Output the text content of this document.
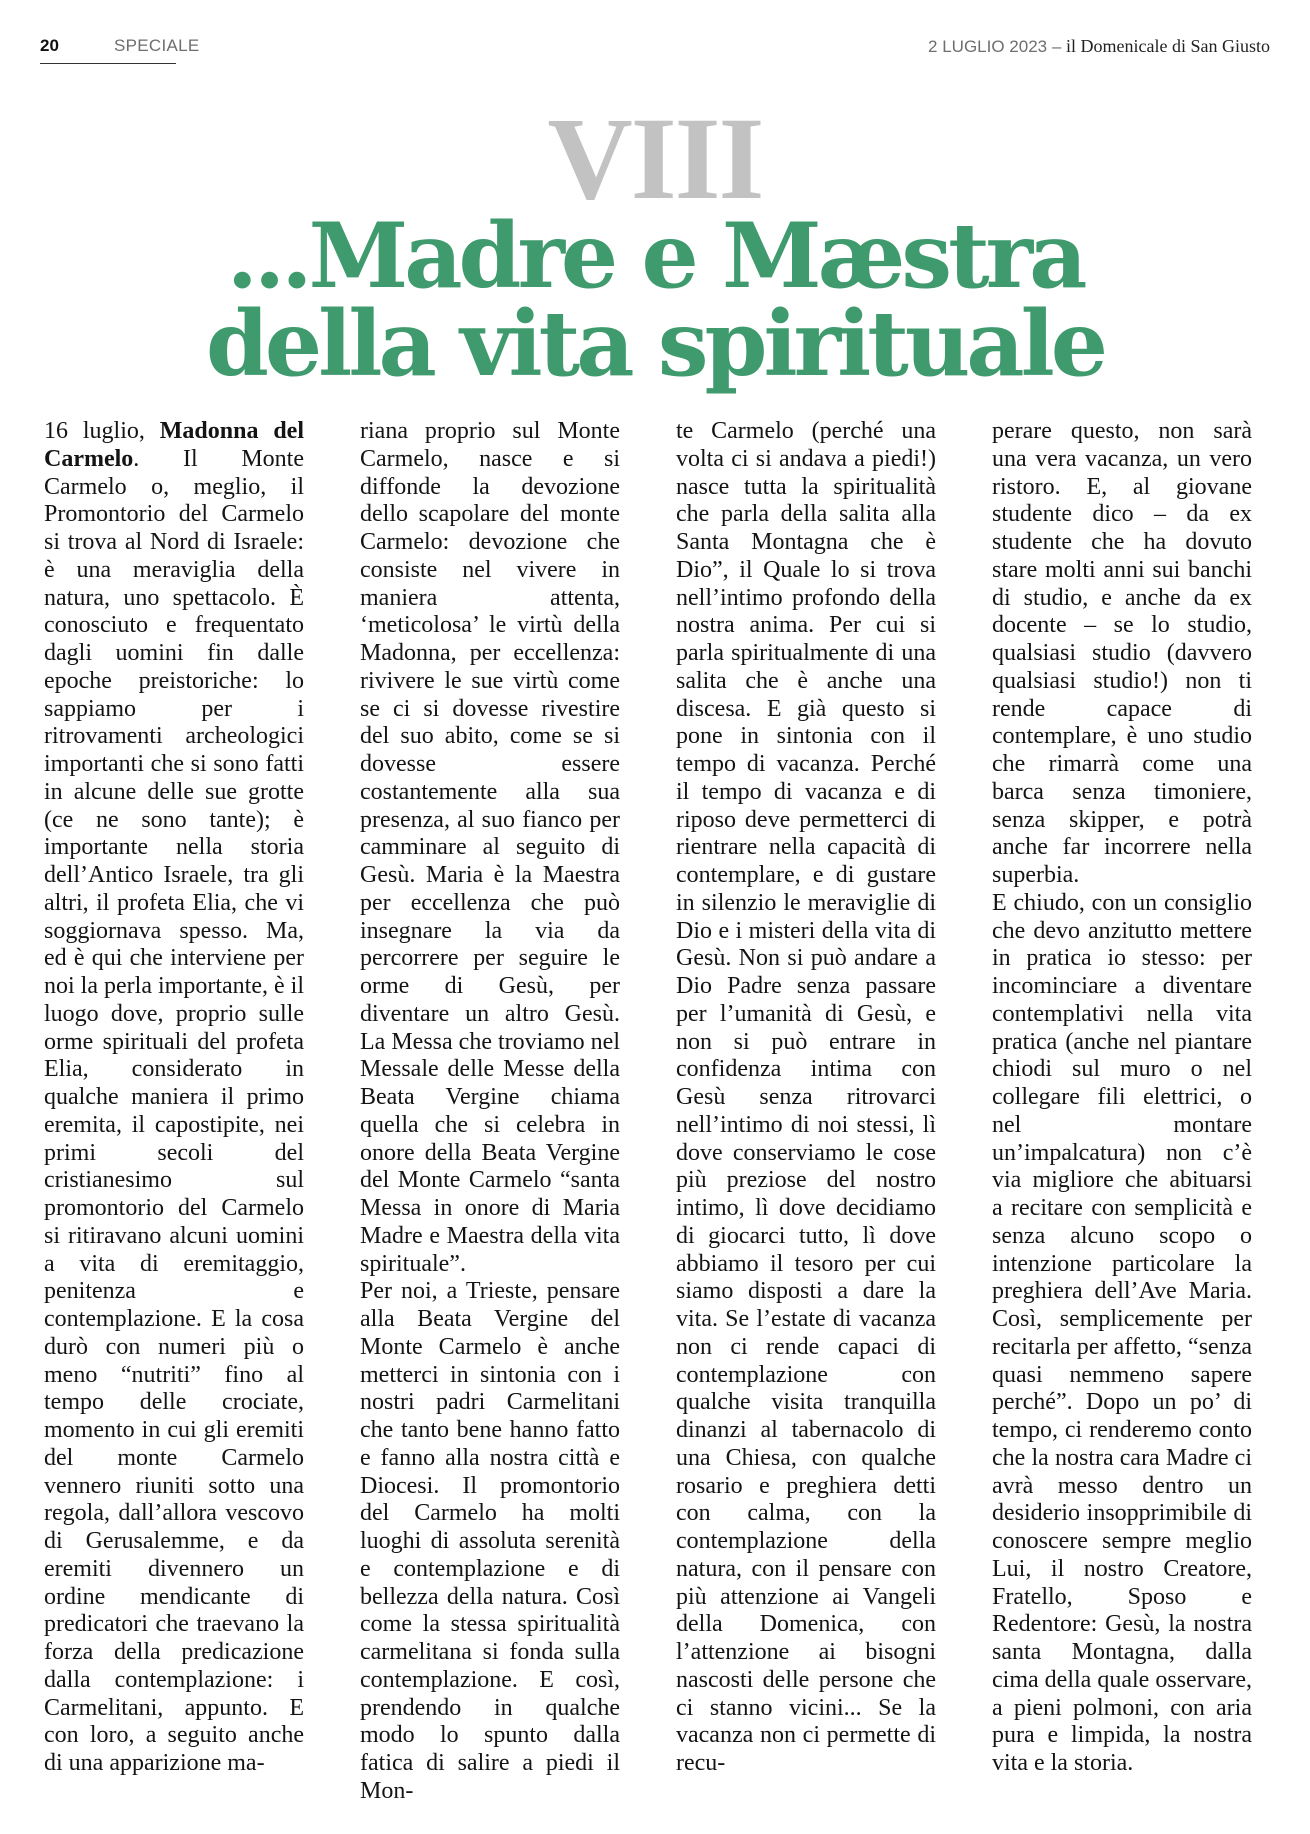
20	SPECIALE	2 LUGLIO 2023 – il Domenicale di San Giusto
VIII
...Madre e Mæstra
della vita spirituale

16 luglio, Madonna del Carmelo. Il Monte Carmelo o, meglio, il Promontorio del Carmelo si trova al Nord di Israele: è una meraviglia della natura, uno spettacolo. È conosciuto e frequentato dagli uomini fin dalle epoche preistoriche: lo sappiamo per i ritrovamenti archeologici importanti che si sono fatti in alcune delle sue grotte (ce ne sono tante); è importante nella storia dell’Antico Israele, tra gli altri, il profeta Elia, che vi soggiornava spesso. Ma, ed è qui che interviene per noi la perla importante, è il luogo dove, proprio sulle orme spirituali del profeta Elia, considerato in qualche maniera il primo eremita, il capostipite, nei primi secoli del cristianesimo sul promontorio del Carmelo si ritiravano alcuni uomini a vita di eremitaggio, penitenza e contemplazione. E la cosa durò con numeri più o meno “nutriti” fino al tempo delle crociate, momento in cui gli eremiti del monte Carmelo vennero riuniti sotto una regola, dall’allora vescovo di Gerusalemme, e da eremiti divennero un ordine mendicante di predicatori che traevano la forza della predicazione dalla contemplazione: i Carmelitani, appunto. E con loro, a seguito anche di una apparizione ma-

riana proprio sul Monte Carmelo, nasce e si diffonde la devozione dello scapolare del monte Carmelo: devozione che consiste nel vivere in maniera attenta, ‘meticolosa’ le virtù della Madonna, per eccellenza: rivivere le sue virtù come se ci si dovesse rivestire del suo abito, come se si dovesse essere costantemente alla sua presenza, al suo fianco per camminare al seguito di Gesù. Maria è la Maestra per eccellenza che può insegnare la via da percorrere per seguire le orme di Gesù, per diventare un altro Gesù. La Messa che troviamo nel Messale delle Messe della Beata Vergine chiama quella che si celebra in onore della Beata Vergine del Monte Carmelo “santa Messa in onore di Maria Madre e Maestra della vita spirituale”.

Per noi, a Trieste, pensare alla Beata Vergine del Monte Carmelo è anche metterci in sintonia con i nostri padri Carmelitani che tanto bene hanno fatto e fanno alla nostra città e Diocesi. Il promontorio del Carmelo ha molti luoghi di assoluta serenità e contemplazione e di bellezza della natura. Così come la stessa spiritualità carmelitana si fonda sulla contemplazione. E così, prendendo in qualche modo lo spunto dalla fatica di salire a piedi il Mon-

te Carmelo (perché una volta ci si andava a piedi!) nasce tutta la spiritualità che parla della salita alla Santa Montagna che è Dio”, il Quale lo si trova nell’intimo profondo della nostra anima. Per cui si parla spiritualmente di una salita che è anche una discesa. E già questo si pone in sintonia con il tempo di vacanza. Perché il tempo di vacanza e di riposo deve permetterci di rientrare nella capacità di contemplare, e di gustare in silenzio le meraviglie di Dio e i misteri della vita di Gesù. Non si può andare a Dio Padre senza passare per l’umanità di Gesù, e non si può entrare in confidenza intima con Gesù senza ritrovarci nell’intimo di noi stessi, lì dove conserviamo le cose più preziose del nostro intimo, lì dove decidiamo di giocarci tutto, lì dove abbiamo il tesoro per cui siamo disposti a dare la vita. Se l’estate di vacanza non ci rende capaci di contemplazione con qualche visita tranquilla dinanzi al tabernacolo di una Chiesa, con qualche rosario e preghiera detti con calma, con la contemplazione della natura, con il pensare con più attenzione ai Vangeli della Domenica, con l’attenzione ai bisogni nascosti delle persone che ci stanno vicini... Se la vacanza non ci permette di recu-

perare questo, non sarà una vera vacanza, un vero ristoro. E, al giovane studente dico – da ex studente che ha dovuto stare molti anni sui banchi di studio, e anche da ex docente – se lo studio, qualsiasi studio (davvero qualsiasi studio!) non ti rende capace di contemplare, è uno studio che rimarrà come una barca senza timoniere, senza skipper, e potrà anche far incorrere nella superbia.

E chiudo, con un consiglio che devo anzitutto mettere in pratica io stesso: per incominciare a diventare contemplativi nella vita pratica (anche nel piantare chiodi sul muro o nel collegare fili elettrici, o nel montare un’impalcatura) non c’è via migliore che abituarsi a recitare con semplicità e senza alcuno scopo o intenzione particolare la preghiera dell’Ave Maria. Così, semplicemente per recitarla per affetto, “senza quasi nemmeno sapere perché”. Dopo un po’ di tempo, ci renderemo conto che la nostra cara Madre ci avrà messo dentro un desiderio insopprimibile di conoscere sempre meglio Lui, il nostro Creatore, Fratello, Sposo e Redentore: Gesù, la nostra santa Montagna, dalla cima della quale osservare, a pieni polmoni, con aria pura e limpida, la nostra vita e la storia.
